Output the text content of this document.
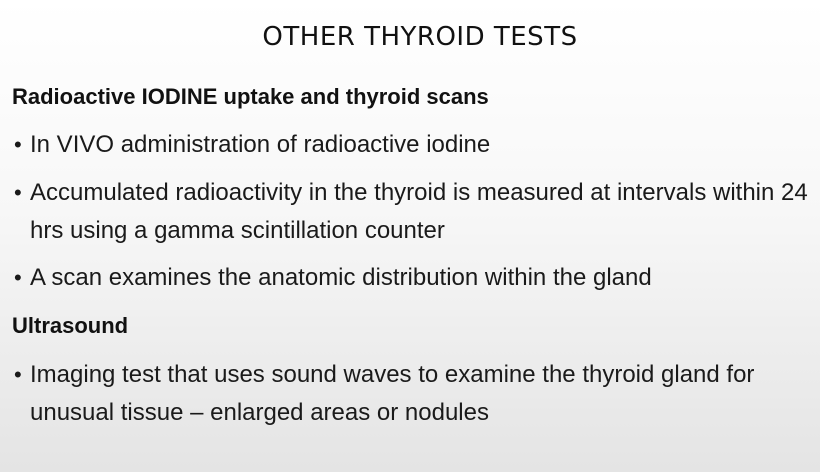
OTHER THYROID TESTS
Radioactive IODINE uptake and thyroid scans

• In VIVO administration of radioactive iodine

• Accumulated radioactivity in the thyroid is measured at intervals within 24 hrs using a gamma scintillation counter

• A scan examines the anatomic distribution within the gland

Ultrasound

• Imaging test that uses sound waves to examine the thyroid gland for unusual tissue – enlarged areas or nodules
